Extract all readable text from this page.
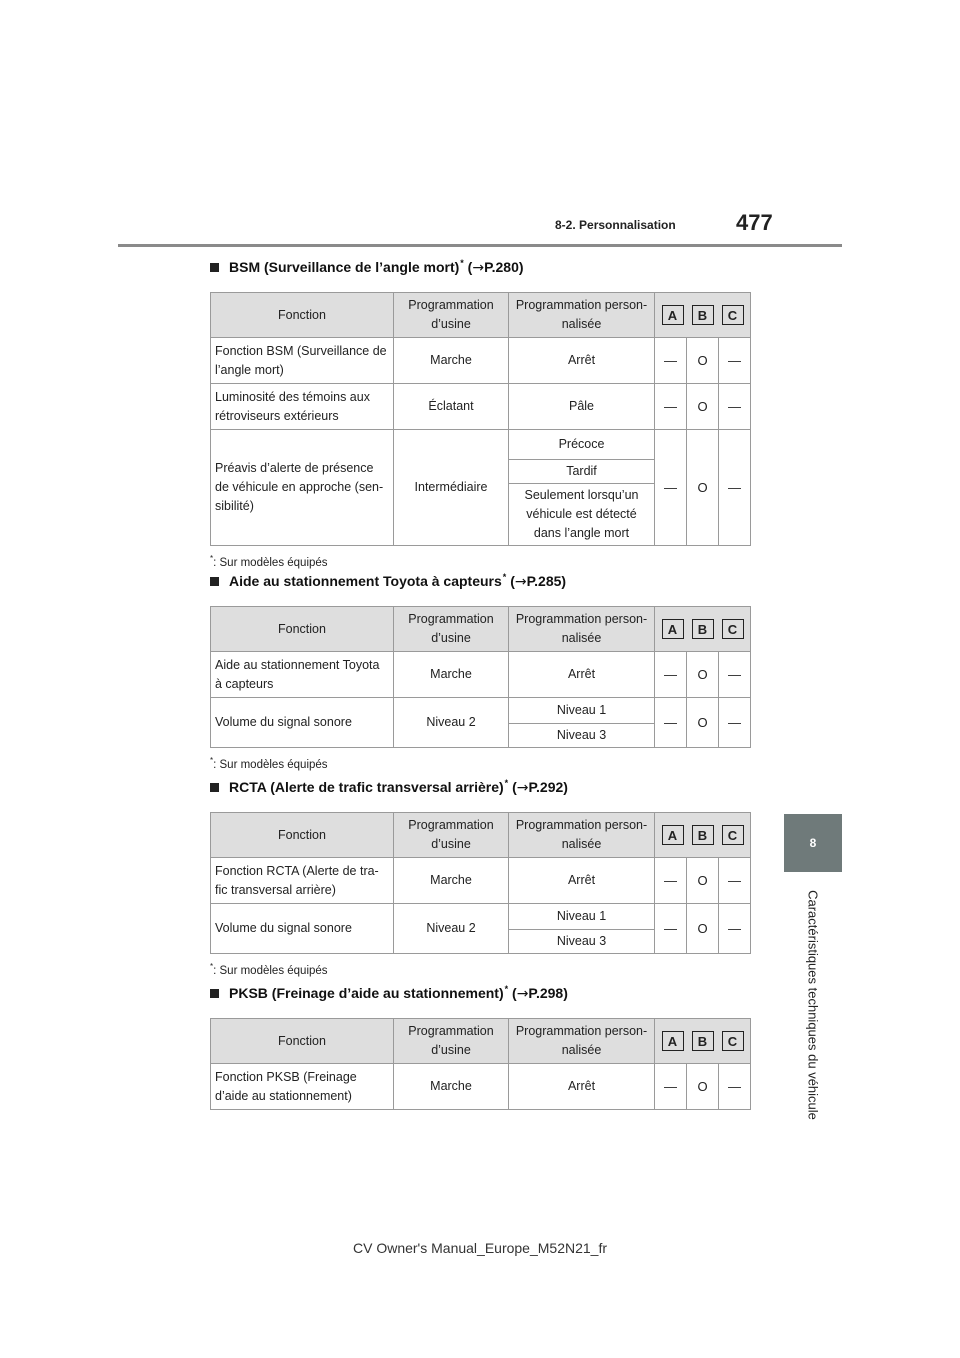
8-2. Personnalisation	477
8
Caractéristiques techniques du véhicule
BSM (Surveillance de l’angle mort)* (→P.280)
Fonction	Programmation d’usine	Programmation person-nalisée	A B C		

Fonction BSM (Surveillance de l’angle mort)	Marche	Arrêt	—	O	—
Luminosité des témoins aux rétroviseurs extérieurs	Éclatant	Pâle	—	O	—
Préavis d’alerte de présence de véhicule en approche (sen-sibilité)	Intermédiaire	Précoce	—	O	—
		Tardif			
		Seulement lorsqu’un véhicule est détecté dans l’angle mort			
*: Sur modèles équipés
Aide au stationnement Toyota à capteurs* (→P.285)
Fonction	Programmation d’usine	Programmation person-nalisée	A B C		

Aide au stationnement Toyota à capteurs	Marche	Arrêt	—	O	—
Volume du signal sonore	Niveau 2	Niveau 1	—	O	—
		Niveau 3			
*: Sur modèles équipés
RCTA (Alerte de trafic transversal arrière)* (→P.292)
Fonction	Programmation d’usine	Programmation person-nalisée	A B C		

Fonction RCTA (Alerte de tra-fic transversal arrière)	Marche	Arrêt	—	O	—
Volume du signal sonore	Niveau 2	Niveau 1	—	O	—
		Niveau 3			
*: Sur modèles équipés
PKSB (Freinage d’aide au stationnement)* (→P.298)
Fonction	Programmation d’usine	Programmation person-nalisée	A B C		

Fonction PKSB (Freinage d’aide au stationnement)	Marche	Arrêt	—	O	—
CV Owner's Manual_Europe_M52N21_fr
